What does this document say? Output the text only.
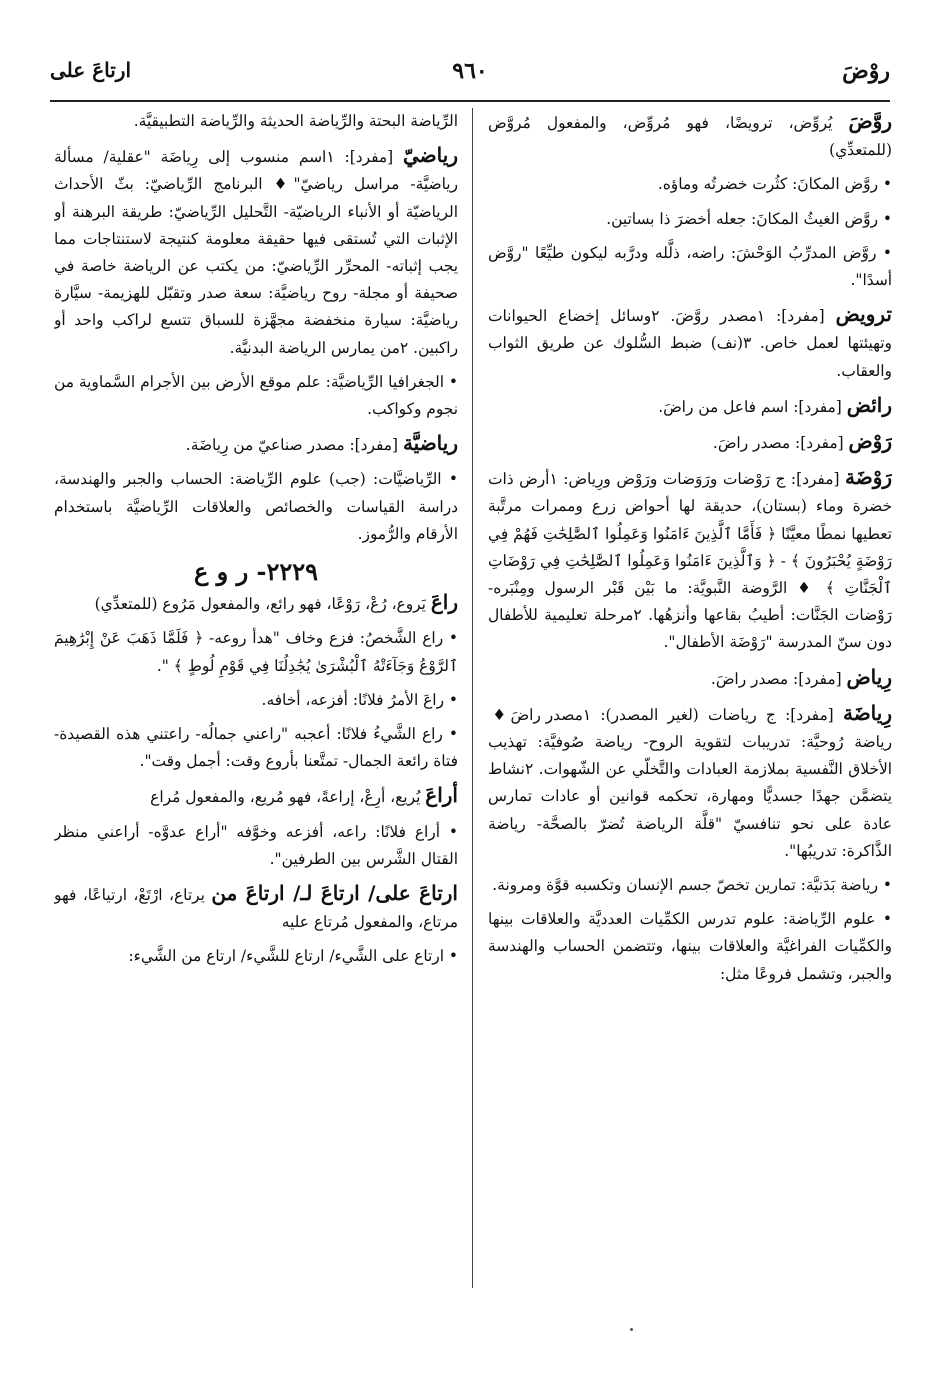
روْضَ
٩٦٠
ارتاعَ على

روَّضَ يُروِّض، ترويضًا، فهو مُروِّض، والمفعول مُروَّض (للمتعدِّي)

• روَّض المكانَ: كثُرت خضرتُه وماؤه.

• روَّض الغيثُ المكانَ: جعله أخضرَ ذا بساتين.

• روَّض المدرِّبُ الوَحْشَ: راضه، ذلَّله ودرَّبه ليكون طيِّعًا "روَّض أسدًا".

ترويض [مفرد]: ١مصدر روَّضَ. ٢وسائل إخضاع الحيوانات وتهيئتها لعمل خاص. ٣(نف) ضبط السُّلوك عن طريق الثواب والعقاب.

رائض [مفرد]: اسم فاعل من راضَ.

رَوْض [مفرد]: مصدر راضَ.

رَوْضَة [مفرد]: ج رَوْضات ورَوَضات ورَوْض ورِياض: ١أرض ذات خضرة وماء (بستان)، حديقة لها أحواض زرع وممرات مرتَّبة تعطيها نمطًا معيَّنًا ﴿ فَأَمَّا ٱلَّذِينَ ءَامَنُوا وَعَمِلُوا ٱلصَّٰلِحَٰتِ فَهُمْ فِي رَوْضَةٍ يُحْبَرُونَ ﴾ - ﴿ وَٱلَّذِينَ ءَامَنُوا وَعَمِلُوا ٱلصَّٰلِحَٰتِ فِي رَوْضَاتِ ٱلْجَنَّاتِ ﴾ ♦ الرَّوضة النَّبويَّة: ما بَيْن قَبْر الرسول ومِنْبَره- رَوْضات الجَنَّات: أطيبُ بقاعها وأنزهُها. ٢مرحلة تعليمية للأطفال دون سنّ المدرسة "رَوْضَة الأطفال".

رِياض [مفرد]: مصدر راضَ.

رِياضَة [مفرد]: ج رياضات (لغير المصدر): ١مصدر راضَ♦ رياضة رُوحيَّة: تدريبات لتقوية الروح- رياضة صُوفيَّة: تهذيب الأخلاق النَّفسية بملازمة العبادات والتَّخلّي عن الشّهوات. ٢نشاط يتضمَّن جهدًا جسديًّا ومهارة، تحكمه قوانين أو عادات تمارس عادة على نحو تنافسيّ "قلَّة الرياضة تُضرّ بالصحَّة- رياضة الذَّاكرة: تدريبُها".

• رياضة بَدَنيَّة: تمارين تخصّ جسم الإنسان وتكسبه قوَّة ومرونة.

• علوم الرِّياضة: علوم تدرس الكمِّيات العدديَّة والعلاقات بينها والكمِّيات الفراغيَّة والعلاقات بينها، وتتضمن الحساب والهندسة والجبر، وتشمل فروعًا مثل:

الرِّياضة البحتة والرِّياضة الحديثة والرِّياضة التطبيقيَّة.

رياضيّ [مفرد]: ١اسم منسوب إلى رِياضَة "عقلية/ مسألة رياضيَّة- مراسل رياضيّ"♦ البرنامج الرِّياضيّ: بثّ الأحداث الرياضيّة أو الأنباء الرياضيّة- التَّحليل الرِّياضيّ: طريقة البرهنة أو الإثبات التي تُستقى فيها حقيقة معلومة كنتيجة لاستنتاجات مما يجب إثباته- المحرِّر الرِّياضيّ: من يكتب عن الرياضة خاصة في صحيفة أو مجلة- روح رياضيَّة: سعة صدر وتقبّل للهزيمة- سيَّارة رياضيَّة: سيارة منخفضة مجهَّزة للسباق تتسع لراكب واحد أو راكبين. ٢من يمارس الرياضة البدنيَّة.

• الجغرافيا الرِّياضيَّة: علم موقع الأرض بين الأجرام السَّماوية من نجوم وكواكب.

رياضيَّة [مفرد]: مصدر صناعيّ من رِياضَة.

• الرِّياضيَّات: (جب) علوم الرِّياضة: الحساب والجبر والهندسة، دراسة القياسات والخصائص والعلاقات الرِّياضيَّة باستخدام الأرقام والرُّموز.

٢٢٢٩- ر و ع

راعَ يَروع، رُعْ، رَوْعًا، فهو رائع، والمفعول مَرُوع (للمتعدِّي)

• راع الشَّخصُ: فزع وخاف "هدأ روعه- ﴿ فَلَمَّا ذَهَبَ عَنْ إِبْرَٰهِيمَ ٱلرَّوْعُ وَجَآءَتْهُ ٱلْبُشْرَىٰ يُجَٰدِلُنَا فِي قَوْمِ لُوطٍ ﴾ ".

• راعَ الأمرُ فلانًا: أفزعه، أخافه.

• راع الشَّيءُ فلانًا: أعجبه "راعني جمالُه- راعتني هذه القصيدة- فتاة رائعة الجمال- تمتَّعنا بأروع وقت: أجمل وقت".

أراعَ يُريع، أرِعْ، إراعةً، فهو مُريع، والمفعول مُراع

• أراع فلانًا: راعه، أفزعه وخوَّفه "أراع عدوَّه- أراعني منظر القتال الشَّرس بين الطرفين".

ارتاعَ على/ ارتاعَ لـ/ ارتاعَ من يرتاع، ارْتَعْ، ارتياعًا، فهو مرتاع، والمفعول مُرتاع عليه

• ارتاع على الشَّيء/ ارتاع للشَّيء/ ارتاع من الشَّيء:
